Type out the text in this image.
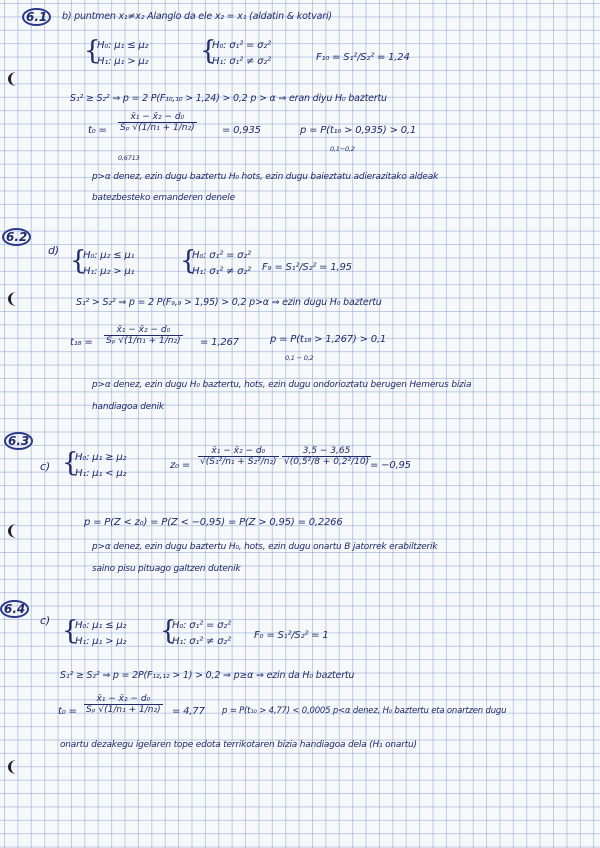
6.1	b) puntmen x₁≠x₂ Alanglo da ele x₂ = x₁ (aldatin & kotvari)
{
H₀: μ₁ ≤ μ₂
H₁: μ₁ > μ₂ {
H₀: σ₁² = σ₂²
H₁: σ₁² ≠ σ₂²	F₁₀ = S₁²/S₂² = 1,24
S₁² ≥ S₂² ⇒ p = 2 P(F₁₀,₁₀ > 1,24) > 0,2 p > α ⇒ eran diyu H₀ baztertu
$t_0 = \frac{\text{x̄₁ − x̄₂ − d₀}}{\text{Sₚ √(1/n₁ + 1/n₂)}}$	= 0,935
0,6713
p = P(t₁₀ > 0,935) > 0,1
0,1−0,2
p>α denez, ezin dugu baztertu H₀ hots, ezin dugu baieztatu adierazitako aldeak
batezbesteko emanderen denele
6.2
d) {
H₀: μ₂ ≤ μ₁
H₁: μ₂ > μ₁ {
H₀: σ₁² = σ₂²
H₁: σ₁² ≠ σ₂² F₉ = S₁²/S₂² = 1,95
S₁² > S₂² ⇒ p = 2 P(F₉,₉ > 1,95) > 0,2 p>α ⇒ ezin dugu H₀ baztertu
$t_{18} = \frac{\text{x̄₁ − x̄₂ − d₀}}{\text{Sₚ √(1/n₁ + 1/n₂)}} = 1,267$	p = P(t₁₈ > 1,267) > 0,1
0,1 − 0,2
p>α denez, ezin dugu H₀ baztertu, hots, ezin dugu ondorioztatu berugen Hemerus bizia
handiagoa denik
6.3
c) {
H₀: μ₁ ≥ μ₂
H₁: μ₁ < μ₂
$z_0 = \frac{\text{x̄₁ − x̄₂ − d₀}}{\text{√(S₁²/n₁ + S₂²/n₂)}} \frac{3,5 - 3,65}{\text{√(0,5²/8 + 0,2²/10)}}$
= −0,95
p = P(Z < z₀) = P(Z < −0,95) = P(Z > 0,95) = 0,2266
p>α denez, ezin dugu baztertu H₀, hots, ezin dugu onartu B jatorrek erabiltzerik
saino pisu pituago galtzen dutenik
6.4
c) {
H₀: μ₁ ≤ μ₂
H₁: μ₁ > μ₂ {
H₀: σ₁² = σ₂²
H₁: σ₁² ≠ σ₂²
F₀ = S₁²/S₂² = 1
S₁² ≥ S₂² ⇒ p = 2P(F₁₂,₁₂ > 1) > 0,2 ⇒ p≥α ⇒ ezin da H₀ baztertu
$t_0 = \frac{\text{x̄₁ − x̄₂ − d₀}}{\text{Sₚ √(1/n₁ + 1/n₂)}} = 4,77$ p = P(t₁₀ > 4,77) < 0,0005 p<α denez, H₀ baztertu eta onartzen dugu
onartu dezakegu igelaren tope edota terrikotaren bizia handiagoa dela (H₁ onartu)
